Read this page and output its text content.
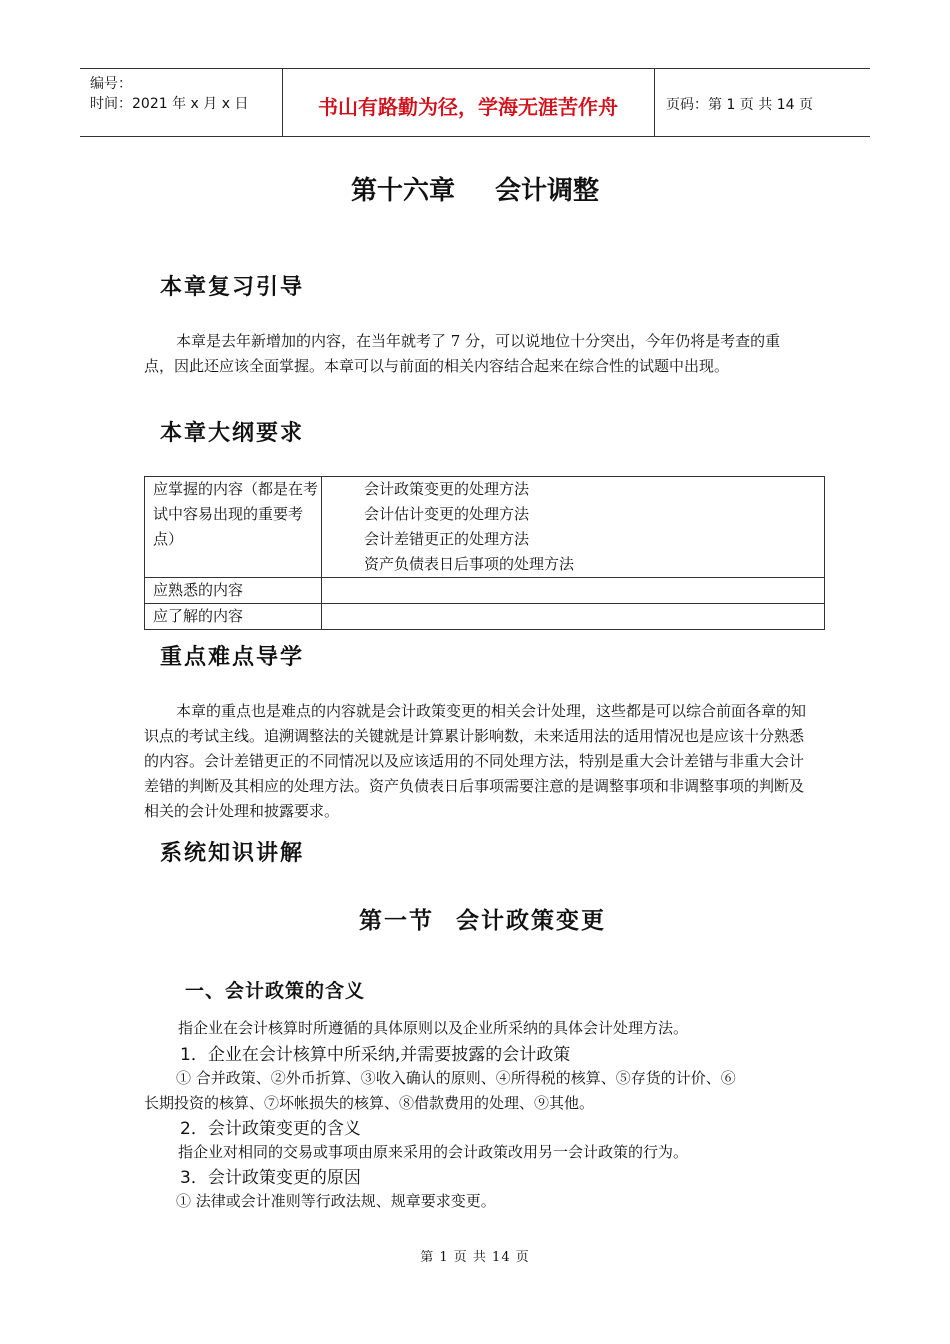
编号：
时间：2021 年 x 月 x 日	书山有路勤为径，学海无涯苦作舟	页码：第 1 页 共 14 页
第十六章 会计调整
本章复习引导

本章是去年新增加的内容，在当年就考了 7 分，可以说地位十分突出，今年仍将是考查的重点，因此还应该全面掌握。本章可以与前面的相关内容结合起来在综合性的试题中出现。

本章大纲要求
应掌握的内容（都是在考试中容易出现的重要考点）	会计政策变更的处理方法
会计估计变更的处理方法
会计差错更正的处理方法
资产负债表日后事项的处理方法

应熟悉的内容	
应了解的内容	
重点难点导学

本章的重点也是难点的内容就是会计政策变更的相关会计处理，这些都是可以综合前面各章的知识点的考试主线。追溯调整法的关键就是计算累计影响数，未来适用法的适用情况也是应该十分熟悉的内容。会计差错更正的不同情况以及应该适用的不同处理方法，特别是重大会计差错与非重大会计差错的判断及其相应的处理方法。资产负债表日后事项需要注意的是调整事项和非调整事项的判断及相关的会计处理和披露要求。

系统知识讲解
第一节 会计政策变更
一、会计政策的含义
指企业在会计核算时所遵循的具体原则以及企业所采纳的具体会计处理方法。
1．企业在会计核算中所采纳,并需要披露的会计政策
① 合并政策、②外币折算、③收入确认的原则、④所得税的核算、⑤存货的计价、⑥
长期投资的核算、⑦坏帐损失的核算、⑧借款费用的处理、⑨其他。
2．会计政策变更的含义
指企业对相同的交易或事项由原来采用的会计政策改用另一会计政策的行为。
3．会计政策变更的原因
① 法律或会计准则等行政法规、规章要求变更。
第 1 页 共 14 页
